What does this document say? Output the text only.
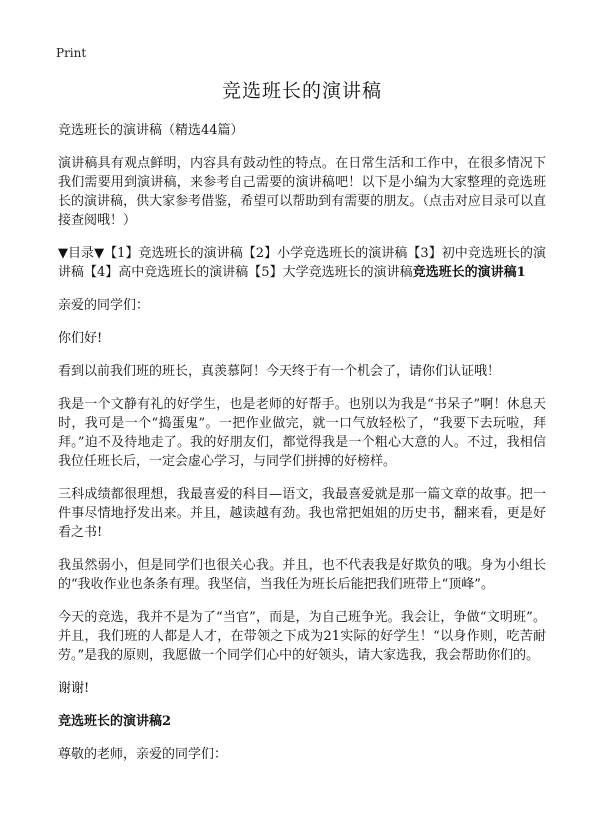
Print
竞选班长的演讲稿

竞选班长的演讲稿（精选44篇）

演讲稿具有观点鲜明，内容具有鼓动性的特点。在日常生活和工作中，在很多情况下我们需要用到演讲稿，来参考自己需要的演讲稿吧！以下是小编为大家整理的竞选班长的演讲稿，供大家参考借鉴，希望可以帮助到有需要的朋友。（点击对应目录可以直接查阅哦！）

▼目录▼【1】竞选班长的演讲稿【2】小学竞选班长的演讲稿【3】初中竞选班长的演讲稿【4】高中竞选班长的演讲稿【5】大学竞选班长的演讲稿竞选班长的演讲稿1

亲爱的同学们：

你们好!

看到以前我们班的班长，真羡慕阿！今天终于有一个机会了，请你们认证哦！

我是一个文静有礼的好学生，也是老师的好帮手。也别以为我是“书呆子”啊！休息天时，我可是一个“捣蛋鬼”。一把作业做完，就一口气放轻松了，“我要下去玩啦，拜拜。”迫不及待地走了。我的好朋友们，都觉得我是一个粗心大意的人。不过，我相信我位任班长后，一定会虚心学习，与同学们拼搏的好榜样。

三科成绩都很理想，我最喜爱的科目—语文，我最喜爱就是那一篇文章的故事。把一件事尽情地抒发出来。并且，越读越有劲。我也常把姐姐的历史书，翻来看，更是好看之书!

我虽然弱小，但是同学们也很关心我。并且，也不代表我是好欺负的哦。身为小组长的“我收作业也条条有理。我坚信，当我任为班长后能把我们班带上“顶峰”。

今天的竞选，我并不是为了“当官”，而是，为自己班争光。我会让，争做“文明班”。并且，我们班的人都是人才，在带领之下成为21实际的好学生！“以身作则，吃苦耐劳。”是我的原则，我愿做一个同学们心中的好领头，请大家选我，我会帮助你们的。

谢谢!

竞选班长的演讲稿2

尊敬的老师，亲爱的同学们：
